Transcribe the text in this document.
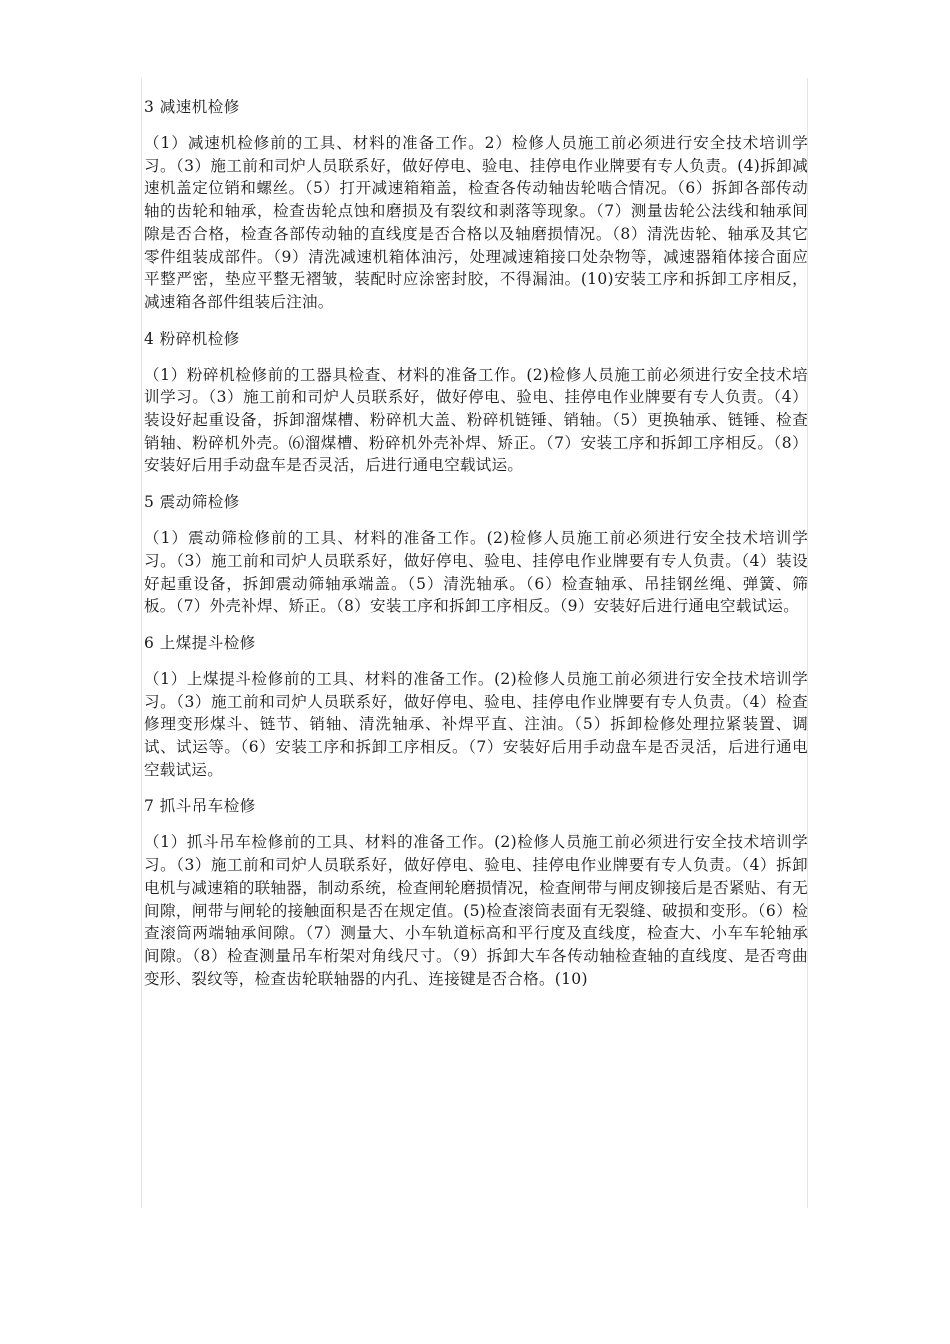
3 减速机检修

（1）减速机检修前的工具、材料的准备工作。2）检修人员施工前必须进行安全技术培训学习。（3）施工前和司炉人员联系好，做好停电、验电、挂停电作业牌要有专人负责。(4)拆卸减速机盖定位销和螺丝。（5）打开减速箱箱盖，检查各传动轴齿轮啮合情况。（6）拆卸各部传动轴的齿轮和轴承，检查齿轮点蚀和磨损及有裂纹和剥落等现象。（7）测量齿轮公法线和轴承间隙是否合格，检查各部传动轴的直线度是否合格以及轴磨损情况。（8）清洗齿轮、轴承及其它零件组装成部件。（9）清洗减速机箱体油污，处理减速箱接口处杂物等，减速器箱体接合面应平整严密，垫应平整无褶皱，装配时应涂密封胶，不得漏油。(10)安装工序和拆卸工序相反，减速箱各部件组装后注油。

4 粉碎机检修

（1）粉碎机检修前的工器具检查、材料的准备工作。(2)检修人员施工前必须进行安全技术培训学习。（3）施工前和司炉人员联系好，做好停电、验电、挂停电作业牌要有专人负责。（4）装设好起重设备，拆卸溜煤槽、粉碎机大盖、粉碎机链锤、销轴。（5）更换轴承、链锤、检查销轴、粉碎机外壳。⑹溜煤槽、粉碎机外壳补焊、矫正。（7）安装工序和拆卸工序相反。（8）安装好后用手动盘车是否灵活，后进行通电空载试运。

5 震动筛检修

（1）震动筛检修前的工具、材料的准备工作。(2)检修人员施工前必须进行安全技术培训学习。（3）施工前和司炉人员联系好，做好停电、验电、挂停电作业牌要有专人负责。（4）装设好起重设备，拆卸震动筛轴承端盖。（5）清洗轴承。（6）检查轴承、吊挂钢丝绳、弹簧、筛板。（7）外壳补焊、矫正。（8）安装工序和拆卸工序相反。（9）安装好后进行通电空载试运。

6 上煤提斗检修

（1）上煤提斗检修前的工具、材料的准备工作。(2)检修人员施工前必须进行安全技术培训学习。（3）施工前和司炉人员联系好，做好停电、验电、挂停电作业牌要有专人负责。（4）检查修理变形煤斗、链节、销轴、清洗轴承、补焊平直、注油。（5）拆卸检修处理拉紧装置、调试、试运等。（6）安装工序和拆卸工序相反。（7）安装好后用手动盘车是否灵活，后进行通电空载试运。

7 抓斗吊车检修

（1）抓斗吊车检修前的工具、材料的准备工作。(2)检修人员施工前必须进行安全技术培训学习。（3）施工前和司炉人员联系好，做好停电、验电、挂停电作业牌要有专人负责。（4）拆卸电机与减速箱的联轴器，制动系统，检查闸轮磨损情况，检查闸带与闸皮铆接后是否紧贴、有无间隙，闸带与闸轮的接触面积是否在规定值。(5)检查滚筒表面有无裂缝、破损和变形。（6）检查滚筒两端轴承间隙。（7）测量大、小车轨道标高和平行度及直线度，检查大、小车车轮轴承间隙。（8）检查测量吊车桁架对角线尺寸。（9）拆卸大车各传动轴检查轴的直线度、是否弯曲变形、裂纹等，检查齿轮联轴器的内孔、连接键是否合格。(10)
